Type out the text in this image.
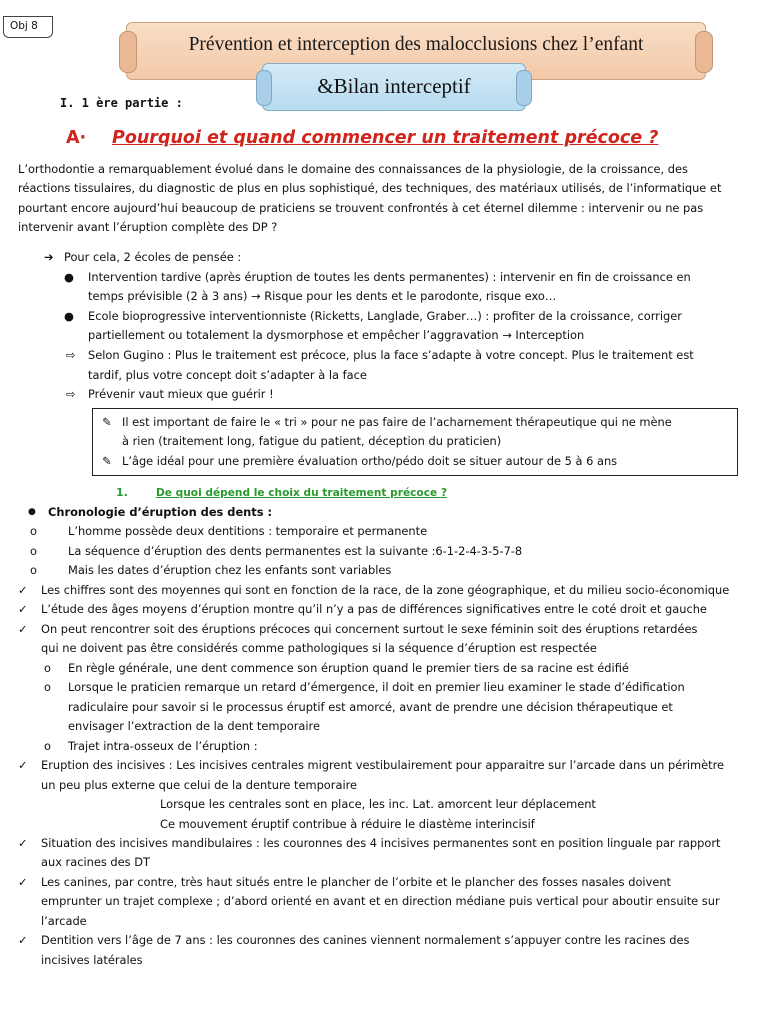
Obj 8
Prévention et interception des malocclusions chez l’enfant
&Bilan interceptif
I. 1 ère partie :
A· Pourquoi et quand commencer un traitement précoce ?
L’orthodontie a remarquablement évolué dans le domaine des connaissances de la physiologie, de la croissance, des
réactions tissulaires, du diagnostic de plus en plus sophistiqué, des techniques, des matériaux utilisés, de l’informatique et
pourtant encore aujourd’hui beaucoup de praticiens se trouvent confrontés à cet éternel dilemme : intervenir ou ne pas
intervenir avant l’éruption complète des DP ?
➔ Pour cela, 2 écoles de pensée :
● Intervention tardive (après éruption de toutes les dents permanentes) : intervenir en fin de croissance en
temps prévisible (2 à 3 ans) → Risque pour les dents et le parodonte, risque exo…
● Ecole bioprogressive interventionniste (Ricketts, Langlade, Graber…) : profiter de la croissance, corriger
partiellement ou totalement la dysmorphose et empêcher l’aggravation → Interception
⇨ Selon Gugino : Plus le traitement est précoce, plus la face s’adapte à votre concept. Plus le traitement est
tardif, plus votre concept doit s’adapter à la face
⇨ Prévenir vaut mieux que guérir !
✎ Il est important de faire le « tri » pour ne pas faire de l’acharnement thérapeutique qui ne mène
à rien (traitement long, fatigue du patient, déception du praticien)
✎ L’âge idéal pour une première évaluation ortho/pédo doit se situer autour de 5 à 6 ans
1.	De quoi dépend le choix du traitement précoce ?
● Chronologie d’éruption des dents :
o	L’homme possède deux dentitions : temporaire et permanente
o	La séquence d’éruption des dents permanentes est la suivante :6-1-2-4-3-5-7-8
o	Mais les dates d’éruption chez les enfants sont variables
✓ Les chiffres sont des moyennes qui sont en fonction de la race, de la zone géographique, et du milieu socio-économique
✓ L’étude des âges moyens d’éruption montre qu’il n’y a pas de différences significatives entre le coté droit et gauche
✓ On peut rencontrer soit des éruptions précoces qui concernent surtout le sexe féminin soit des éruptions retardées
qui ne doivent pas être considérés comme pathologiques si la séquence d’éruption est respectée
o En règle générale, une dent commence son éruption quand le premier tiers de sa racine est édifié
o Lorsque le praticien remarque un retard d’émergence, il doit en premier lieu examiner le stade d’édification
radiculaire pour savoir si le processus éruptif est amorcé, avant de prendre une décision thérapeutique et
envisager l’extraction de la dent temporaire
o Trajet intra-osseux de l’éruption :
✓ Eruption des incisives : Les incisives centrales migrent vestibulairement pour apparaitre sur l’arcade dans un périmètre
un peu plus externe que celui de la denture temporaire
Lorsque les centrales sont en place, les inc. Lat. amorcent leur déplacement
Ce mouvement éruptif contribue à réduire le diastème interincisif
✓ Situation des incisives mandibulaires : les couronnes des 4 incisives permanentes sont en position linguale par rapport
aux racines des DT
✓ Les canines, par contre, très haut situés entre le plancher de l’orbite et le plancher des fosses nasales doivent
emprunter un trajet complexe ; d’abord orienté en avant et en direction médiane puis vertical pour aboutir ensuite sur
l’arcade
✓ Dentition vers l’âge de 7 ans : les couronnes des canines viennent normalement s’appuyer contre les racines des
incisives latérales
